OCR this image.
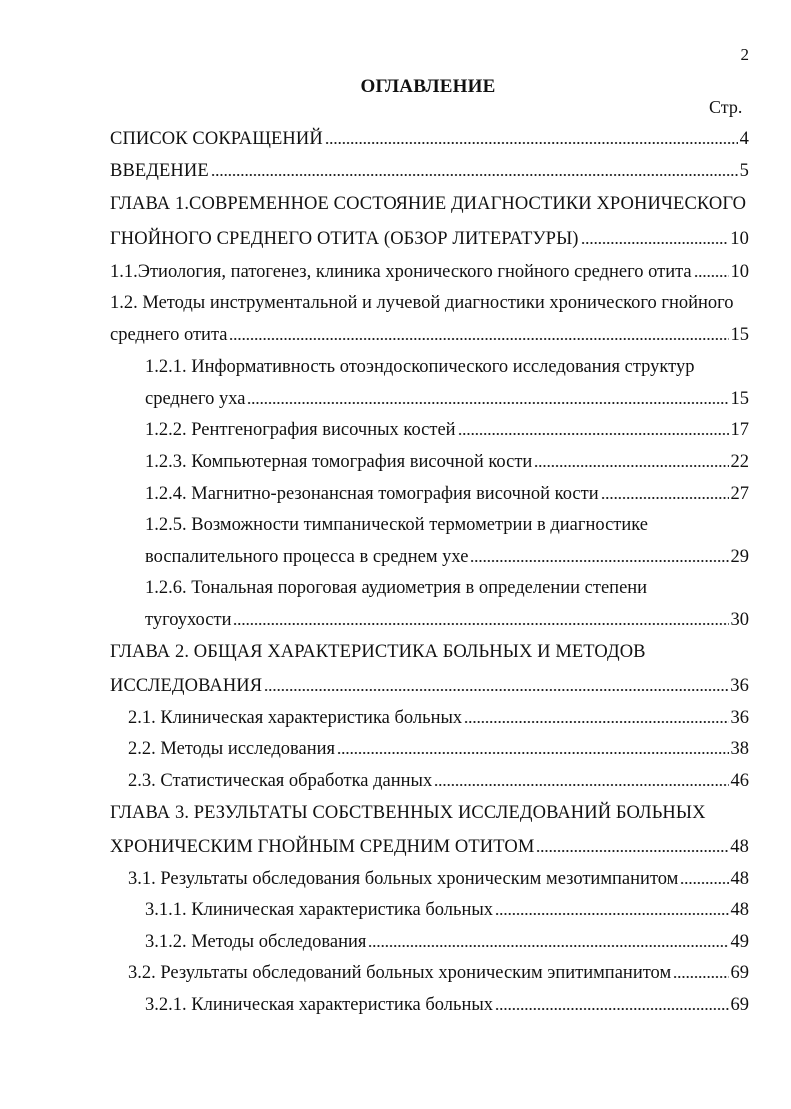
2
ОГЛАВЛЕНИЕ
Стр.
СПИСОК СОКРАЩЕНИЙ	4
ВВЕДЕНИЕ	5
ГЛАВА 1.СОВРЕМЕННОЕ СОСТОЯНИЕ ДИАГНОСТИКИ ХРОНИЧЕСКОГО
ГНОЙНОГО СРЕДНЕГО ОТИТА (ОБЗОР ЛИТЕРАТУРЫ)	10
1.1.Этиология, патогенез, клиника хронического гнойного среднего отита 10
1.2. Методы инструментальной и лучевой диагностики хронического гнойного
среднего отита	15
1.2.1. Информативность отоэндоскопического исследования структур
среднего уха	15
1.2.2. Рентгенография височных костей	17
1.2.3. Компьютерная томография височной кости	22
1.2.4. Магнитно-резонансная томография височной кости	27
1.2.5. Возможности тимпанической термометрии в диагностике
воспалительного процесса в среднем ухе	29
1.2.6. Тональная пороговая аудиометрия в определении степени
тугоухости	30
ГЛАВА 2. ОБЩАЯ ХАРАКТЕРИСТИКА БОЛЬНЫХ И МЕТОДОВ
ИССЛЕДОВАНИЯ	36
2.1. Клиническая характеристика больных	36
2.2. Методы исследования	38
2.3. Статистическая обработка данных	46
ГЛАВА 3. РЕЗУЛЬТАТЫ СОБСТВЕННЫХ ИССЛЕДОВАНИЙ БОЛЬНЫХ
ХРОНИЧЕСКИМ ГНОЙНЫМ СРЕДНИМ ОТИТОМ	48
3.1. Результаты обследования больных хроническим мезотимпанитом	48
3.1.1. Клиническая характеристика больных	48
3.1.2. Методы обследования	49
3.2. Результаты обследований больных хроническим эпитимпанитом	69
3.2.1. Клиническая характеристика больных	69
